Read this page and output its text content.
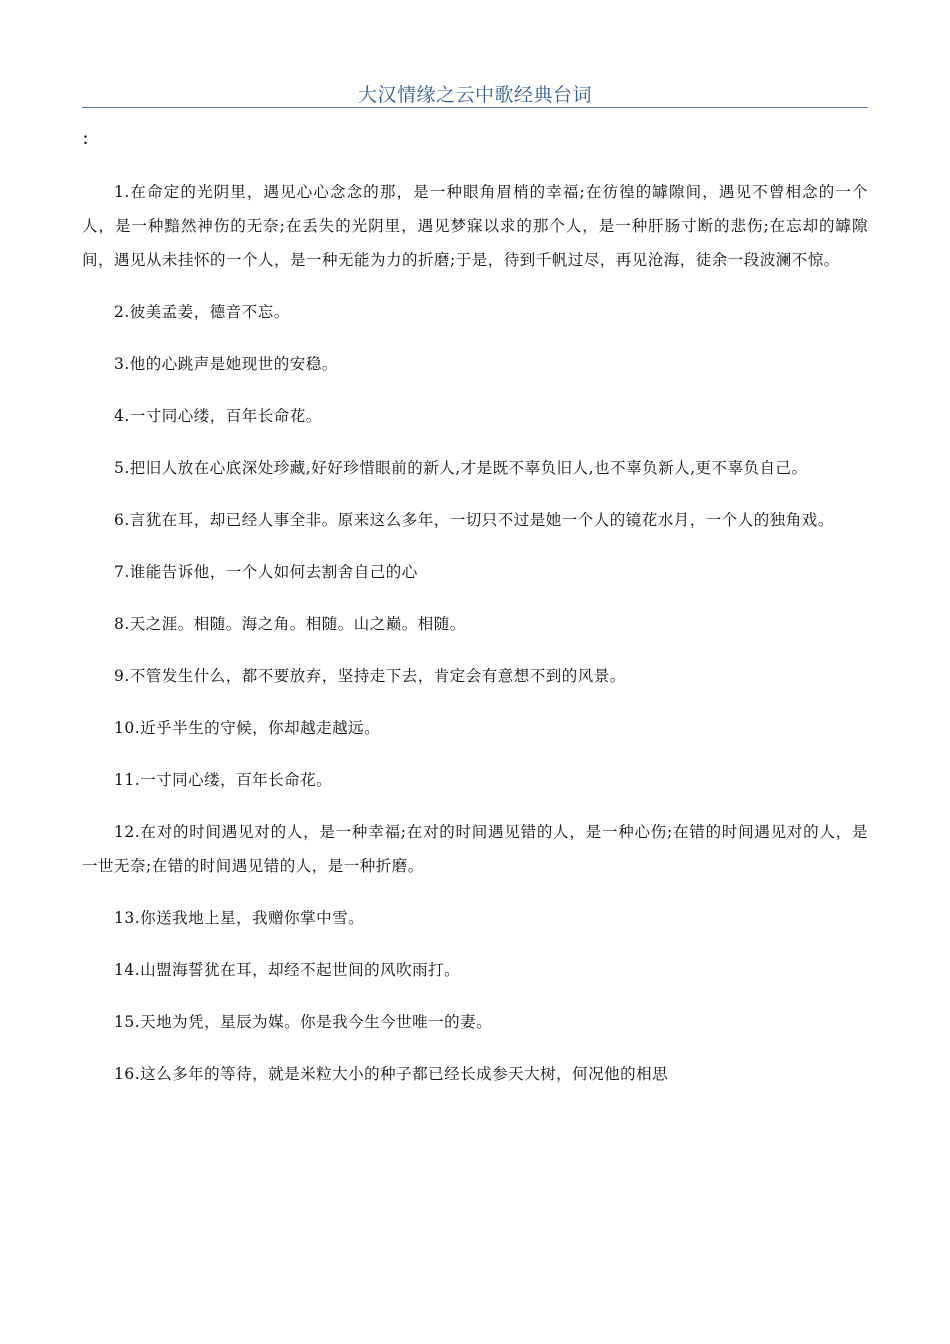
大汉情缘之云中歌经典台词
：

1.在命定的光阴里，遇见心心念念的那，是一种眼角眉梢的幸福;在彷徨的罅隙间，遇见不曾相念的一个人，是一种黯然神伤的无奈;在丢失的光阴里，遇见梦寐以求的那个人，是一种肝肠寸断的悲伤;在忘却的罅隙间，遇见从未挂怀的一个人，是一种无能为力的折磨;于是，待到千帆过尽，再见沧海，徒余一段波澜不惊。

2.彼美孟姜，德音不忘。

3.他的心跳声是她现世的安稳。

4.一寸同心缕，百年长命花。

5.把旧人放在心底深处珍藏,好好珍惜眼前的新人,才是既不辜负旧人,也不辜负新人,更不辜负自己。

6.言犹在耳，却已经人事全非。原来这么多年，一切只不过是她一个人的镜花水月，一个人的独角戏。

7.谁能告诉他，一个人如何去割舍自己的心

8.天之涯。相随。海之角。相随。山之巅。相随。

9.不管发生什么，都不要放弃，坚持走下去，肯定会有意想不到的风景。

10.近乎半生的守候，你却越走越远。

11.一寸同心缕，百年长命花。

12.在对的时间遇见对的人，是一种幸福;在对的时间遇见错的人，是一种心伤;在错的时间遇见对的人，是一世无奈;在错的时间遇见错的人，是一种折磨。

13.你送我地上星，我赠你掌中雪。

14.山盟海誓犹在耳，却经不起世间的风吹雨打。

15.天地为凭，星辰为媒。你是我今生今世唯一的妻。

16.这么多年的等待，就是米粒大小的种子都已经长成参天大树，何况他的相思
